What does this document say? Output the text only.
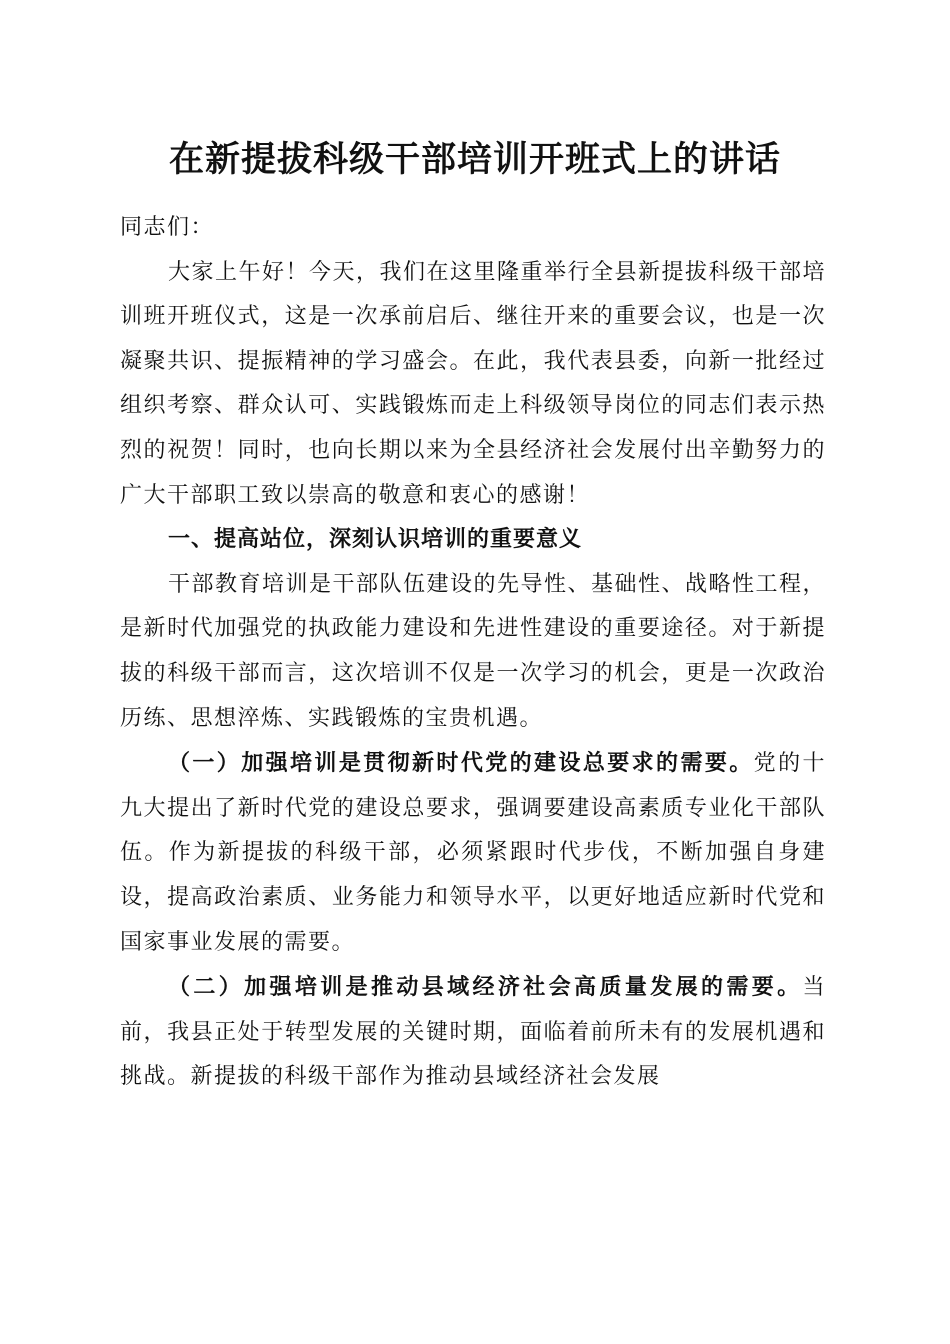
在新提拔科级干部培训开班式上的讲话

同志们：

大家上午好！今天，我们在这里隆重举行全县新提拔科级干部培训班开班仪式，这是一次承前启后、继往开来的重要会议，也是一次凝聚共识、提振精神的学习盛会。在此，我代表县委，向新一批经过组织考察、群众认可、实践锻炼而走上科级领导岗位的同志们表示热烈的祝贺！同时，也向长期以来为全县经济社会发展付出辛勤努力的广大干部职工致以崇高的敬意和衷心的感谢！

一、提高站位，深刻认识培训的重要意义

干部教育培训是干部队伍建设的先导性、基础性、战略性工程，是新时代加强党的执政能力建设和先进性建设的重要途径。对于新提拔的科级干部而言，这次培训不仅是一次学习的机会，更是一次政治历练、思想淬炼、实践锻炼的宝贵机遇。

（一）加强培训是贯彻新时代党的建设总要求的需要。党的十九大提出了新时代党的建设总要求，强调要建设高素质专业化干部队伍。作为新提拔的科级干部，必须紧跟时代步伐，不断加强自身建设，提高政治素质、业务能力和领导水平，以更好地适应新时代党和国家事业发展的需要。

（二）加强培训是推动县域经济社会高质量发展的需要。当前，我县正处于转型发展的关键时期，面临着前所未有的发展机遇和挑战。新提拔的科级干部作为推动县域经济社会发展
